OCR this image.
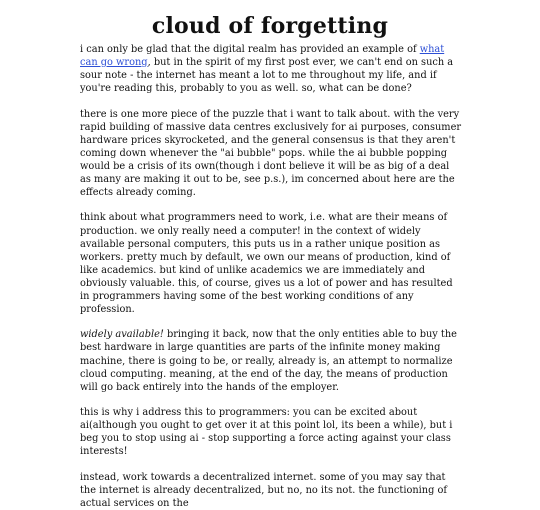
cloud of forgetting

i can only be glad that the digital realm has provided an example of what can go wrong, but in the spirit of my first post ever, we can't end on such a sour note - the internet has meant a lot to me throughout my life, and if you're reading this, probably to you as well. so, what can be done?

there is one more piece of the puzzle that i want to talk about. with the very rapid building of massive data centres exclusively for ai purposes, consumer hardware prices skyrocketed, and the general consensus is that they aren't coming down whenever the "ai bubble" pops. while the ai bubble popping would be a crisis of its own(though i dont believe it will be as big of a deal as many are making it out to be, see p.s.), im concerned about here are the effects already coming.

think about what programmers need to work, i.e. what are their means of production. we only really need a computer! in the context of widely available personal computers, this puts us in a rather unique position as workers. pretty much by default, we own our means of production, kind of like academics. but kind of unlike academics we are immediately and obviously valuable. this, of course, gives us a lot of power and has resulted in programmers having some of the best working conditions of any profession.

widely available! bringing it back, now that the only entities able to buy the best hardware in large quantities are parts of the infinite money making machine, there is going to be, or really, already is, an attempt to normalize cloud computing. meaning, at the end of the day, the means of production will go back entirely into the hands of the employer.

this is why i address this to programmers: you can be excited about ai(although you ought to get over it at this point lol, its been a while), but i beg you to stop using ai - stop supporting a force acting against your class interests!

instead, work towards a decentralized internet. some of you may say that the internet is already decentralized, but no, no its not. the functioning of actual services on the
